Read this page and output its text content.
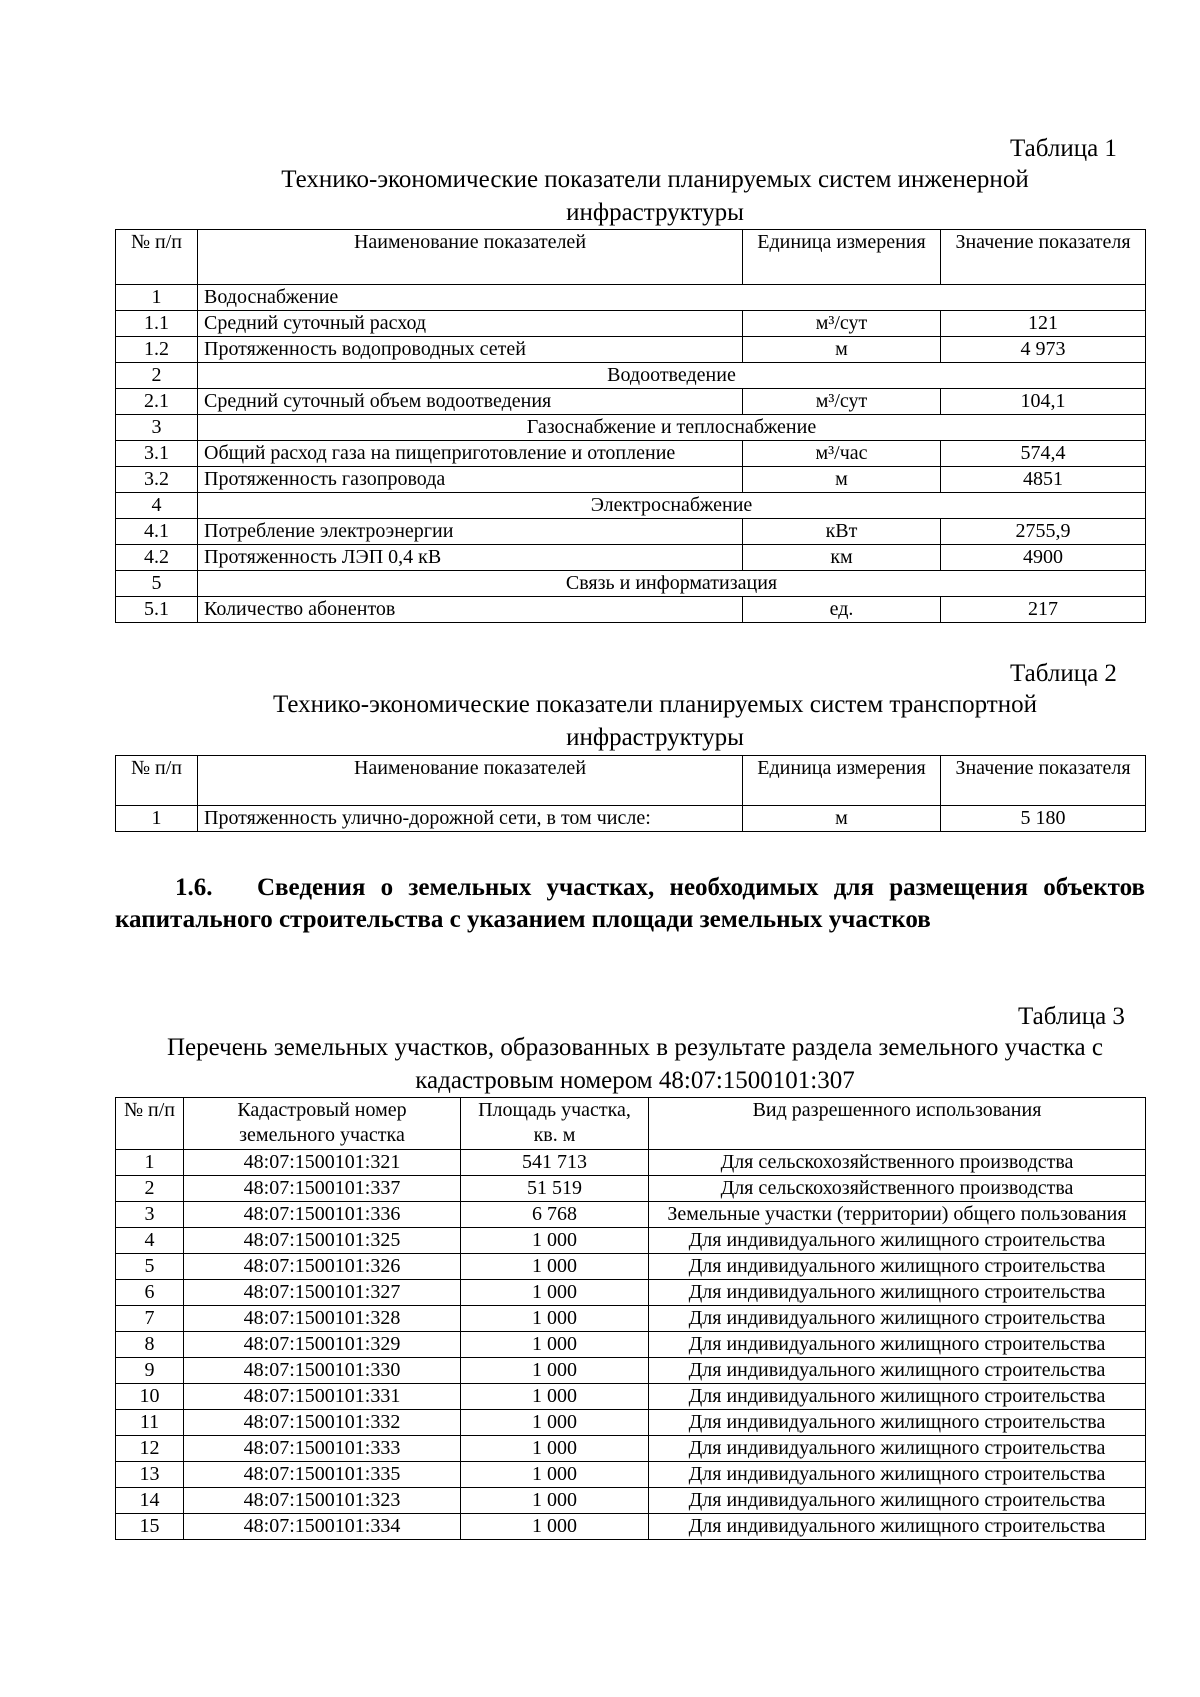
Таблица 1
Технико-экономические показатели планируемых систем инженерной инфраструктуры
№ п/п	Наименование показателей	Единица измерения	Значение показателя
1	Водоснабжение		
1.1	Средний суточный расход	м³/сут	121
1.2	Протяженность водопроводных сетей	м	4 973
2	Водоотведение		
2.1	Средний суточный объем водоотведения	м³/сут	104,1
3	Газоснабжение и теплоснабжение		
3.1	Общий расход газа на пищеприготовление и отопление	м³/час	574,4
3.2	Протяженность газопровода	м	4851
4	Электроснабжение		
4.1	Потребление электроэнергии	кВт	2755,9
4.2	Протяженность ЛЭП 0,4 кВ	км	4900
5	Связь и информатизация		
5.1	Количество абонентов	ед.	217
Таблица 2
Технико-экономические показатели планируемых систем транспортной инфраструктуры
№ п/п	Наименование показателей	Единица измерения	Значение показателя
1	Протяженность улично-дорожной сети, в том числе:	м	5 180
1.6. Сведения о земельных участках, необходимых для размещения объектов капитального строительства с указанием площади земельных участков
Таблица 3
Перечень земельных участков, образованных в результате раздела земельного участка с кадастровым номером 48:07:1500101:307
№ п/п	Кадастровый номер земельного участка	Площадь участка, кв. м	Вид разрешенного использования
1	48:07:1500101:321	541 713	Для сельскохозяйственного производства
2	48:07:1500101:337	51 519	Для сельскохозяйственного производства
3	48:07:1500101:336	6 768	Земельные участки (территории) общего пользования
4	48:07:1500101:325	1 000	Для индивидуального жилищного строительства
5	48:07:1500101:326	1 000	Для индивидуального жилищного строительства
6	48:07:1500101:327	1 000	Для индивидуального жилищного строительства
7	48:07:1500101:328	1 000	Для индивидуального жилищного строительства
8	48:07:1500101:329	1 000	Для индивидуального жилищного строительства
9	48:07:1500101:330	1 000	Для индивидуального жилищного строительства
10	48:07:1500101:331	1 000	Для индивидуального жилищного строительства
11	48:07:1500101:332	1 000	Для индивидуального жилищного строительства
12	48:07:1500101:333	1 000	Для индивидуального жилищного строительства
13	48:07:1500101:335	1 000	Для индивидуального жилищного строительства
14	48:07:1500101:323	1 000	Для индивидуального жилищного строительства
15	48:07:1500101:334	1 000	Для индивидуального жилищного строительства
